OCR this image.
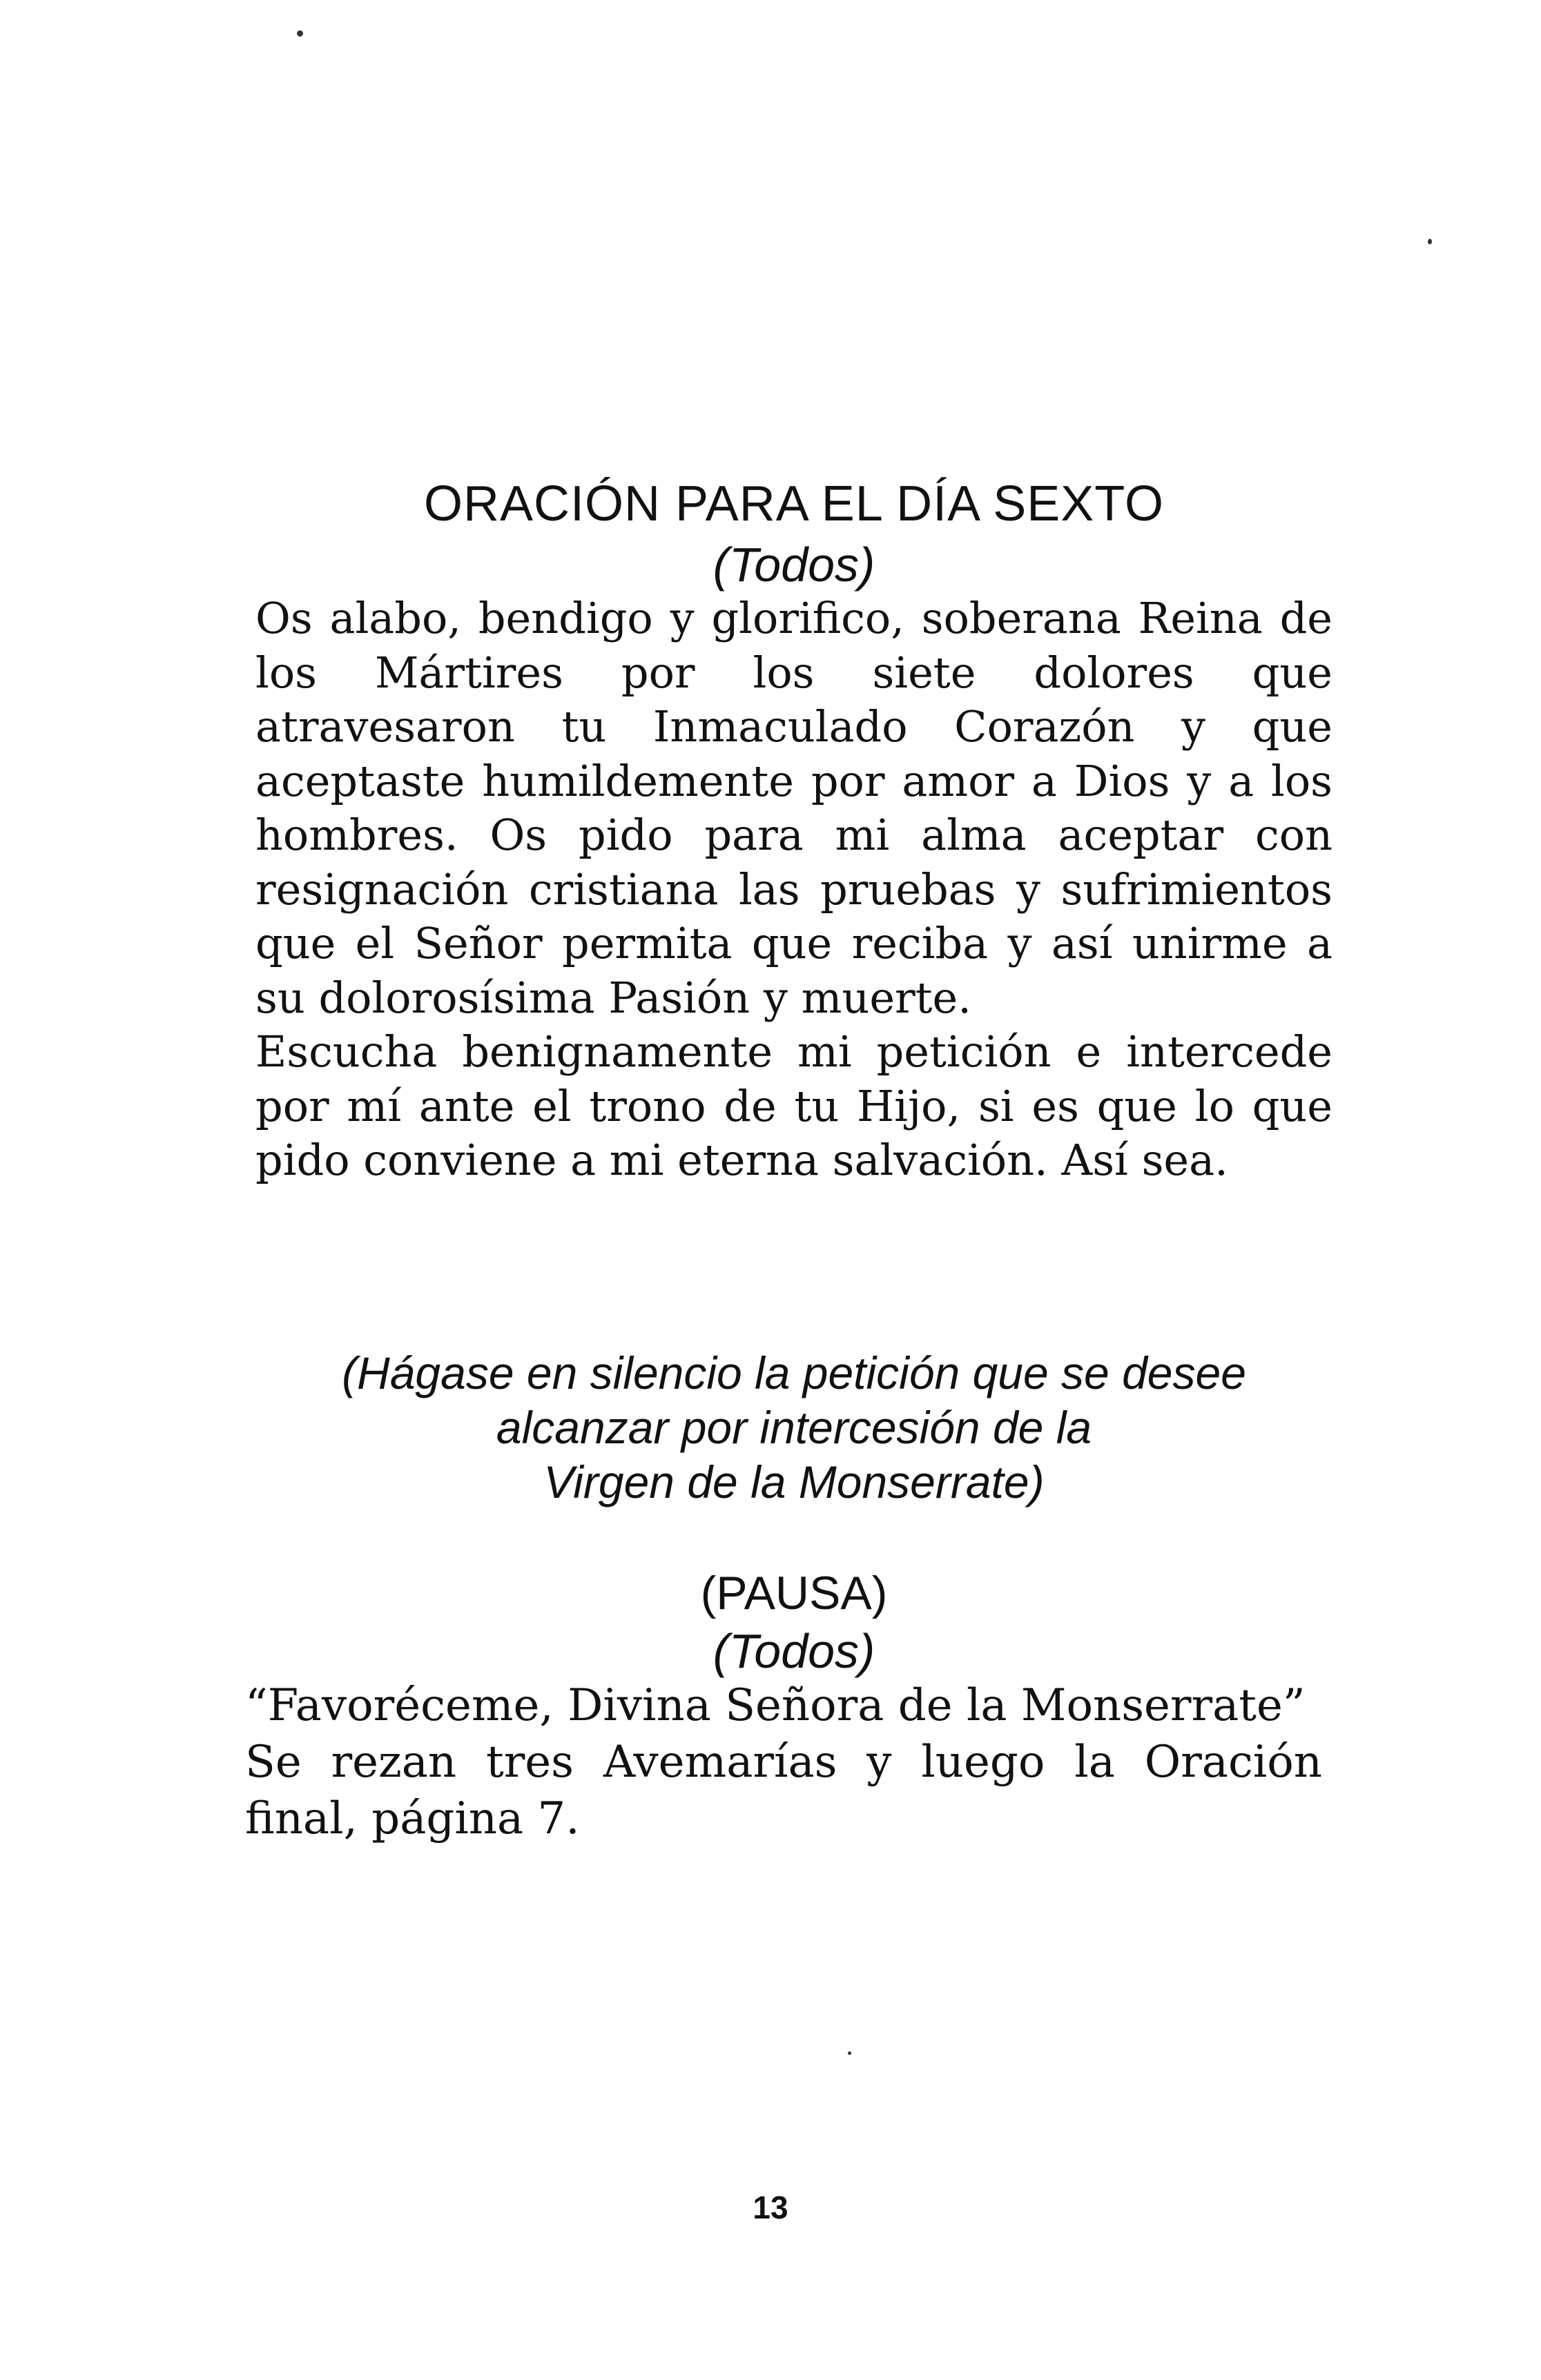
ORACIÓN PARA EL DÍA SEXTO
(Todos)

Os alabo, bendigo y glorifico, soberana Reina de los Mártires por los siete dolores que atravesaron tu Inmaculado Corazón y que aceptaste humildemente por amor a Dios y a los hombres. Os pido para mi alma aceptar con resignación cristiana las pruebas y sufrimientos que el Señor permita que reciba y así unirme a su dolorosísima Pasión y muerte.

Escucha benignamente mi petición e intercede por mí ante el trono de tu Hijo, si es que lo que pido conviene a mi eterna salvación. Así sea.

(Hágase en silencio la petición que se desee
alcanzar por intercesión de la
Virgen de la Monserrate)
(PAUSA)
(Todos)

“Favoréceme, Divina Señora de la Monserrate”

Se rezan tres Avemarías y luego la Oración final, página 7.

13
